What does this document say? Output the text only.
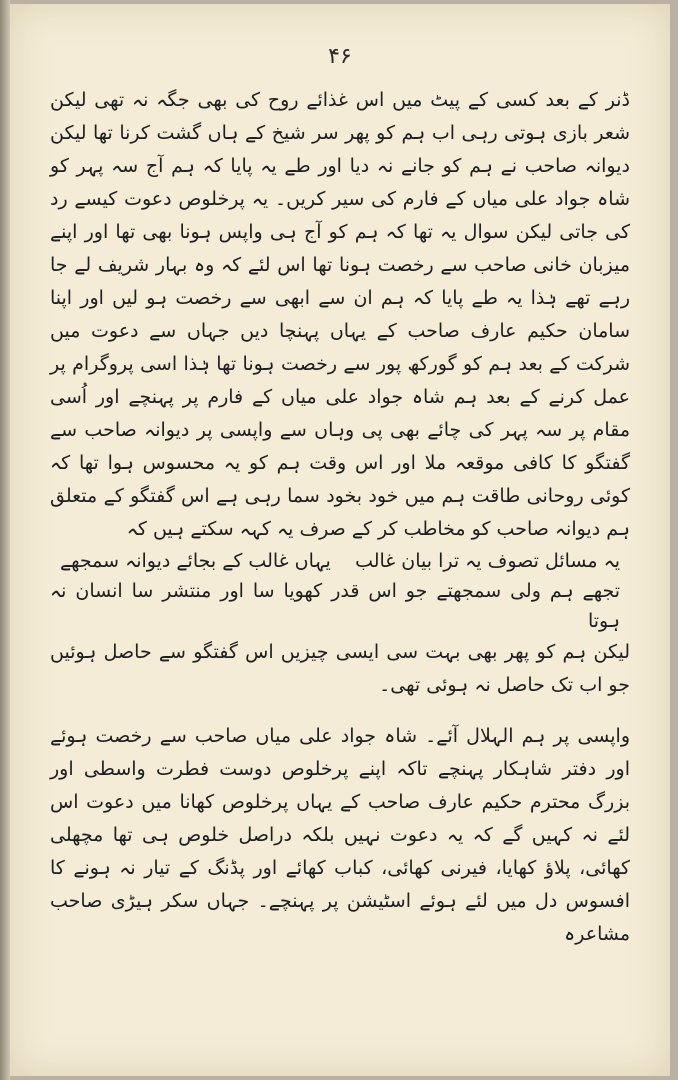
۴۶

ڈنر کے بعد کسی کے پیٹ میں اس غذائے روح کی بھی جگہ نہ تھی لیکن شعر بازی ہوتی رہی اب ہم کو پھر سر شیخ کے ہاں گشت کرنا تھا لیکن دیوانہ صاحب نے ہم کو جانے نہ دیا اور طے یہ پایا کہ ہم آج سہ پہر کو شاہ جواد علی میاں کے فارم کی سیر کریں۔ یہ پرخلوص دعوت کیسے رد کی جاتی لیکن سوال یہ تھا کہ ہم کو آج ہی واپس ہونا بھی تھا اور اپنے میزبان خانی صاحب سے رخصت ہونا تھا اس لئے کہ وہ بہار شریف لے جا رہے تھے ہٰذا یہ طے پایا کہ ہم ان سے ابھی سے رخصت ہو لیں اور اپنا سامان حکیم عارف صاحب کے یہاں پہنچا دیں جہاں سے دعوت میں شرکت کے بعد ہم کو گورکھ پور سے رخصت ہونا تھا ہٰذا اسی پروگرام پر عمل کرنے کے بعد ہم شاہ جواد علی میاں کے فارم پر پہنچے اور اُسی مقام پر سہ پہر کی چائے بھی پی وہاں سے واپسی پر دیوانہ صاحب سے گفتگو کا کافی موقعہ ملا اور اس وقت ہم کو یہ محسوس ہوا تھا کہ کوئی روحانی طاقت ہم میں خود بخود سما رہی ہے اس گفتگو کے متعلق ہم دیوانہ صاحب کو مخاطب کر کے صرف یہ کہہ سکتے ہیں کہ

یہ مسائل تصوف یہ ترا بیان غالب
یہاں غالب کے بجائے دیوانہ سمجھے
تجھے ہم ولی سمجھتے جو اس قدر کھویا سا اور منتشر سا انسان نہ ہوتا

لیکن ہم کو پھر بھی بہت سی ایسی چیزیں اس گفتگو سے حاصل ہوئیں جو اب تک حاصل نہ ہوئی تھی۔

واپسی پر ہم الہلال آئے۔ شاہ جواد علی میاں صاحب سے رخصت ہوئے اور دفتر شاہکار پہنچے تاکہ اپنے پرخلوص دوست فطرت واسطی اور بزرگ محترم حکیم عارف صاحب کے یہاں پرخلوص کھانا میں دعوت اس لئے نہ کہیں گے کہ یہ دعوت نہیں بلکہ دراصل خلوص ہی تھا مچھلی کھائی، پلاؤ کھایا، فیرنی کھائی، کباب کھائے اور پڈنگ کے تیار نہ ہونے کا افسوس دل میں لئے ہوئے اسٹیشن پر پہنچے۔ جہاں سکر ہیڑی صاحب مشاعرہ
